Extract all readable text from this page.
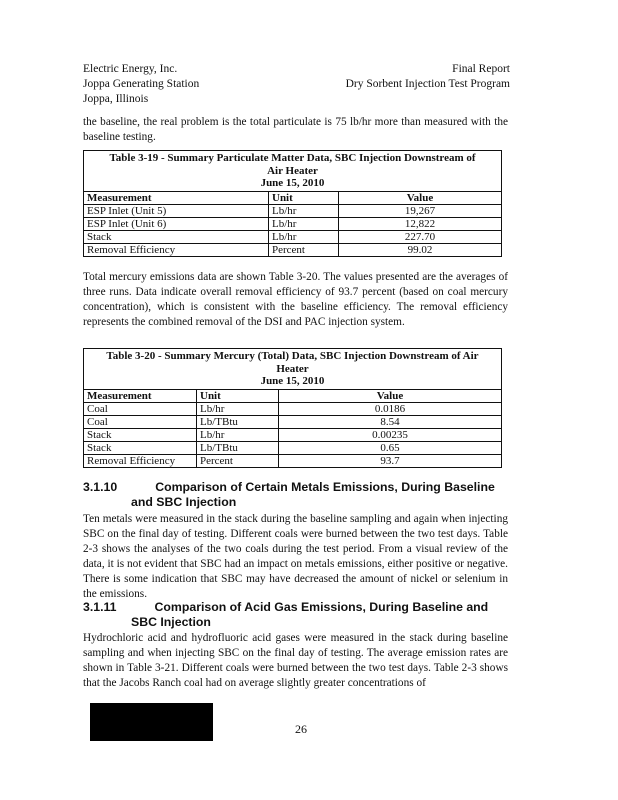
Electric Energy, Inc.
Joppa Generating Station
Joppa, Illinois
Final Report
Dry Sorbent Injection Test Program
the baseline, the real problem is the total particulate is 75 lb/hr more than measured with the baseline testing.
Table 3-19 - Summary Particulate Matter Data, SBC Injection Downstream of
Air Heater
June 15, 2010		

Measurement	Unit	Value
ESP Inlet (Unit 5)	Lb/hr	19,267
ESP Inlet (Unit 6)	Lb/hr	12,822
Stack	Lb/hr	227.70
Removal Efficiency	Percent	99.02
Total mercury emissions data are shown Table 3-20. The values presented are the averages of three runs. Data indicate overall removal efficiency of 93.7 percent (based on coal mercury concentration), which is consistent with the baseline efficiency. The removal efficiency represents the combined removal of the DSI and PAC injection system.
Table 3-20 - Summary Mercury (Total) Data, SBC Injection Downstream of Air
Heater
June 15, 2010		

Measurement	Unit	Value
Coal	Lb/hr	0.0186
Coal	Lb/TBtu	8.54
Stack	Lb/hr	0.00235
Stack	Lb/TBtu	0.65
Removal Efficiency	Percent	93.7
3.1.10	Comparison of Certain Metals Emissions, During Baseline
and SBC Injection
Ten metals were measured in the stack during the baseline sampling and again when injecting SBC on the final day of testing. Different coals were burned between the two test days. Table 2-3 shows the analyses of the two coals during the test period. From a visual review of the data, it is not evident that SBC had an impact on metals emissions, either positive or negative. There is some indication that SBC may have decreased the amount of nickel or selenium in the emissions.
3.1.11	Comparison of Acid Gas Emissions, During Baseline and
SBC Injection
Hydrochloric acid and hydrofluoric acid gases were measured in the stack during baseline sampling and when injecting SBC on the final day of testing. The average emission rates are shown in Table 3-21. Different coals were burned between the two test days. Table 2-3 shows that the Jacobs Ranch coal had on average slightly greater concentrations of
26
